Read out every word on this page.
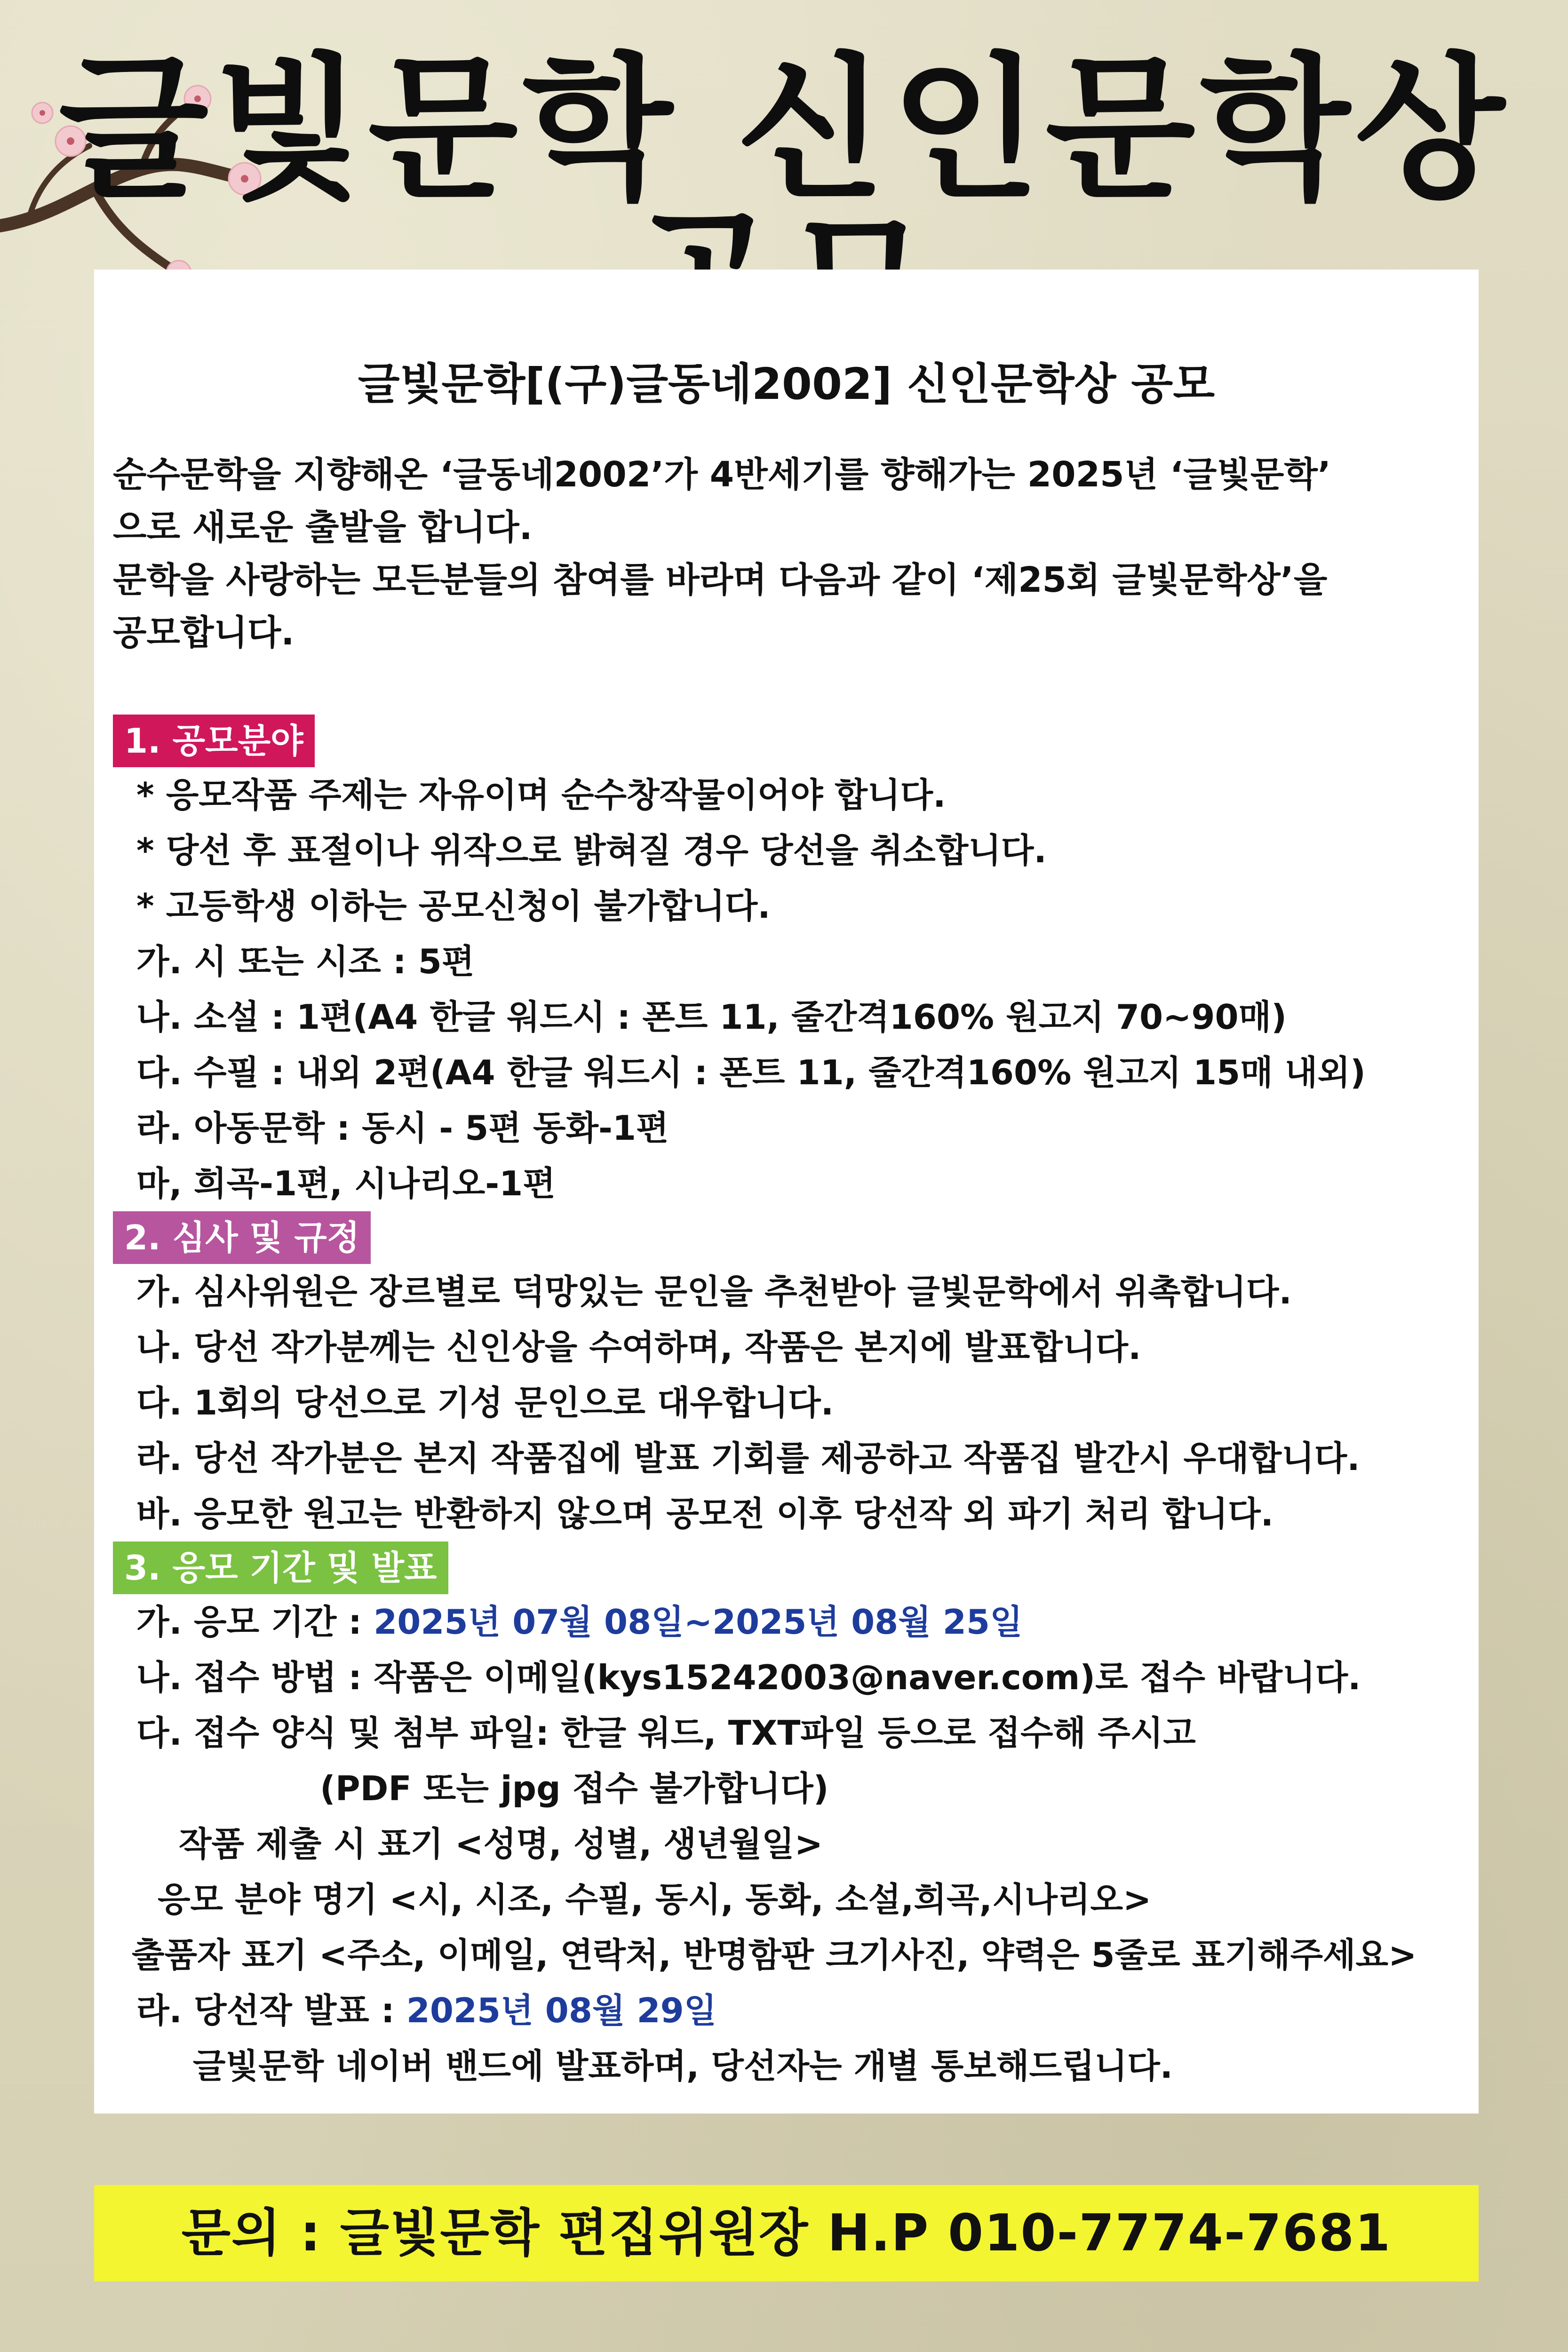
글빛문학 신인문학상
글빛문학[(구)글동네2002] 신인문학상 공모

순수문학을 지향해온 ‘글동네2002’가 4반세기를 향해가는 2025년 ‘글빛문학’

으로 새로운 출발을 합니다.

문학을 사랑하는 모든분들의 참여를 바라며 다음과 같이 ‘제25회 글빛문학상’을

공모합니다.

1. 공모분야
* 응모작품 주제는 자유이며 순수창작물이어야 합니다.
* 당선 후 표절이나 위작으로 밝혀질 경우 당선을 취소합니다.
* 고등학생 이하는 공모신청이 불가합니다.
가. 시 또는 시조 : 5편
나. 소설 : 1편(A4 한글 워드시 : 폰트 11, 줄간격160% 원고지 70~90매)
다. 수필 : 내외 2편(A4 한글 워드시 : 폰트 11, 줄간격160% 원고지 15매 내외)
라. 아동문학 : 동시 - 5편 동화-1편
마, 희곡-1편, 시나리오-1편
2. 심사 및 규정
가. 심사위원은 장르별로 덕망있는 문인을 추천받아 글빛문학에서 위촉합니다.
나. 당선 작가분께는 신인상을 수여하며, 작품은 본지에 발표합니다.
다. 1회의 당선으로 기성 문인으로 대우합니다.
라. 당선 작가분은 본지 작품집에 발표 기회를 제공하고 작품집 발간시 우대합니다.
바. 응모한 원고는 반환하지 않으며 공모전 이후 당선작 외 파기 처리 합니다.
3. 응모 기간 및 발표
가. 응모 기간 : 2025년 07월 08일~2025년 08월 25일
나. 접수 방법 : 작품은 이메일(kys15242003@naver.com)로 접수 바랍니다.
다. 접수 양식 및 첨부 파일: 한글 워드, TXT파일 등으로 접수해 주시고
(PDF 또는 jpg 접수 불가합니다)
작품 제출 시 표기 <성명, 성별, 생년월일>
응모 분야 명기 <시, 시조, 수필, 동시, 동화, 소설,희곡,시나리오>
출품자 표기 <주소, 이메일, 연락처, 반명함판 크기사진, 약력은 5줄로 표기해주세요>
라. 당선작 발표 : 2025년 08월 29일
글빛문학 네이버 밴드에 발표하며, 당선자는 개별 통보해드립니다.
문의 : 글빛문학 편집위원장 H.P 010-7774-7681
